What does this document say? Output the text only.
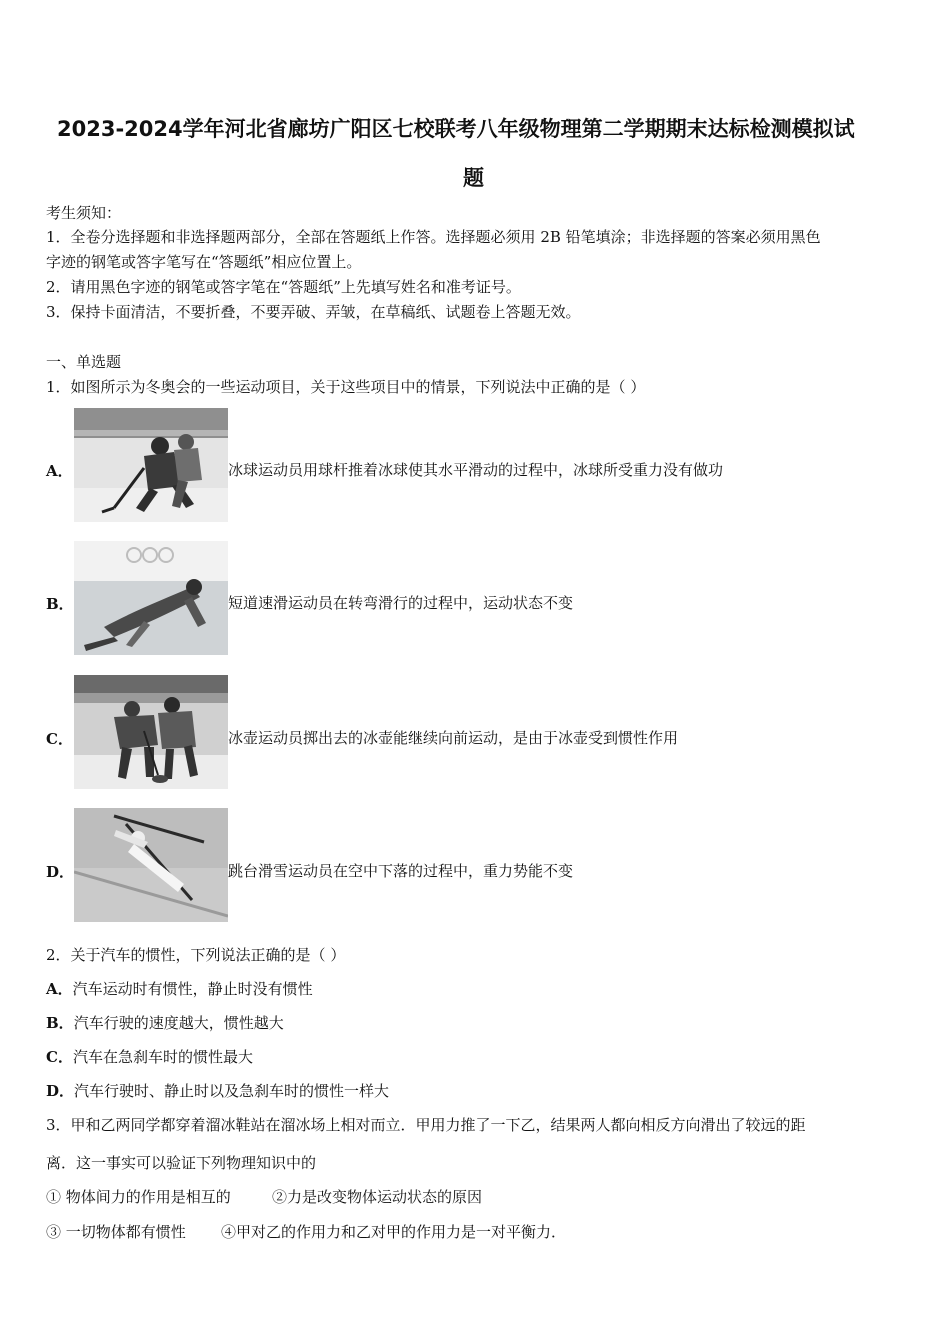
2023-2024学年河北省廊坊广阳区七校联考八年级物理第二学期期末达标检测模拟试
题
考生须知：
1．全卷分选择题和非选择题两部分，全部在答题纸上作答。选择题必须用 2B 铅笔填涂；非选择题的答案必须用黑色
字迹的钢笔或答字笔写在“答题纸”相应位置上。
2．请用黑色字迹的钢笔或答字笔在“答题纸”上先填写姓名和准考证号。
3．保持卡面清洁，不要折叠，不要弄破、弄皱，在草稿纸、试题卷上答题无效。
一、单选题
1．如图所示为冬奥会的一些运动项目，关于这些项目中的情景，下列说法中正确的是（ ）
A．	冰球运动员用球杆推着冰球使其水平滑动的过程中，冰球所受重力没有做功
B．	短道速滑运动员在转弯滑行的过程中，运动状态不变
C．	冰壶运动员掷出去的冰壶能继续向前运动，是由于冰壶受到惯性作用
D．	跳台滑雪运动员在空中下落的过程中，重力势能不变
2．关于汽车的惯性，下列说法正确的是（ ）
A．汽车运动时有惯性，静止时没有惯性
B．汽车行驶的速度越大，惯性越大
C．汽车在急刹车时的惯性最大
D．汽车行驶时、静止时以及急刹车时的惯性一样大
3．甲和乙两同学都穿着溜冰鞋站在溜冰场上相对而立．甲用力推了一下乙，结果两人都向相反方向滑出了较远的距
离．这一事实可以验证下列物理知识中的
① 物体间力的作用是相互的	②力是改变物体运动状态的原因
③ 一切物体都有惯性 ④甲对乙的作用力和乙对甲的作用力是一对平衡力．
